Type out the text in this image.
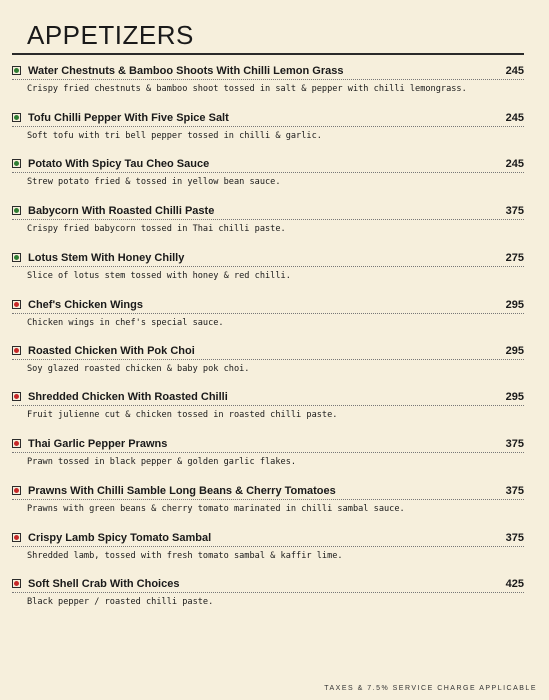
APPETIZERS
Water Chestnuts & Bamboo Shoots With Chilli Lemon Grass	245
Crispy fried chestnuts & bamboo shoot tossed in salt & pepper with chilli lemongrass.
Tofu Chilli Pepper With Five Spice Salt	245
Soft tofu with tri bell pepper tossed in chilli & garlic.
Potato With Spicy Tau Cheo Sauce	245
Strew potato fried & tossed in yellow bean sauce.
Babycorn With Roasted Chilli Paste	375
Crispy fried babycorn tossed in Thai chilli paste.
Lotus Stem With Honey Chilly	275
Slice of lotus stem tossed with honey & red chilli.
Chef's Chicken Wings	295
Chicken wings in chef's special sauce.
Roasted Chicken With Pok Choi	295
Soy glazed roasted chicken & baby pok choi.
Shredded Chicken With Roasted Chilli	295
Fruit julienne cut & chicken tossed in roasted chilli paste.
Thai Garlic Pepper Prawns	375
Prawn tossed in black pepper & golden garlic flakes.
Prawns With Chilli Samble Long Beans & Cherry Tomatoes	375
Prawns with green beans & cherry tomato marinated in chilli sambal sauce.
Crispy Lamb Spicy Tomato Sambal	375
Shredded lamb, tossed with fresh tomato sambal & kaffir lime.
Soft Shell Crab With Choices	425
Black pepper / roasted chilli paste.
TAXES & 7.5% SERVICE CHARGE APPLICABLE
